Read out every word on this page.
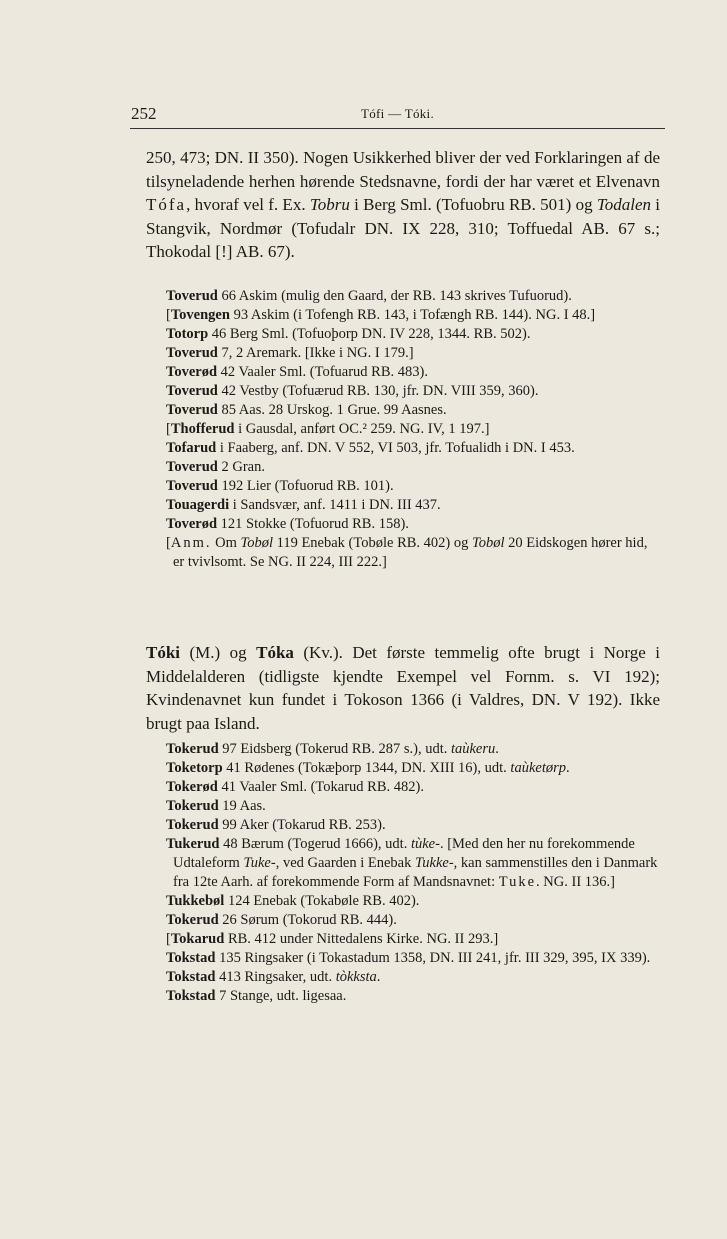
252	Tófi — Tóki.
250, 473; DN. II 350). Nogen Usikkerhed bliver der ved Forklaringen af de tilsyneladende herhen hørende Stedsnavne, fordi der har været et Elvenavn Tófa, hvoraf vel f. Ex. Tobru i Berg Sml. (Tofuobru RB. 501) og Todalen i Stangvik, Nordmør (Tofudalr DN. IX 228, 310; Toffuedal AB. 67 s.; Thokodal [!] AB. 67).
Toverud 66 Askim (mulig den Gaard, der RB. 143 skrives Tufuorud).
[Tovengen 93 Askim (i Tofengh RB. 143, i Tofængh RB. 144). NG. I 48.]
Totorp 46 Berg Sml. (Tofuoþorp DN. IV 228, 1344. RB. 502).
Toverud 7, 2 Aremark. [Ikke i NG. I 179.]
Toverød 42 Vaaler Sml. (Tofuarud RB. 483).
Toverud 42 Vestby (Tofuærud RB. 130, jfr. DN. VIII 359, 360).
Toverud 85 Aas. 28 Urskog. 1 Grue. 99 Aasnes.
[Thofferud i Gausdal, anført OC.² 259. NG. IV, 1 197.]
Tofarud i Faaberg, anf. DN. V 552, VI 503, jfr. Tofualidh i DN. I 453.
Toverud 2 Gran.
Toverud 192 Lier (Tofuorud RB. 101).
Touagerdi i Sandsvær, anf. 1411 i DN. III 437.
Toverød 121 Stokke (Tofuorud RB. 158).
[Anm. Om Tobøl 119 Enebak (Tobøle RB. 402) og Tobøl 20 Eidskogen hører hid, er tvivlsomt. Se NG. II 224, III 222.]
Tóki (M.) og Tóka (Kv.). Det første temmelig ofte brugt i Norge i Middelalderen (tidligste kjendte Exempel vel Fornm. s. VI 192); Kvindenavnet kun fundet i Tokoson 1366 (i Valdres, DN. V 192). Ikke brugt paa Island.
Tokerud 97 Eidsberg (Tokerud RB. 287 s.), udt. taùkeru.
Toketorp 41 Rødenes (Tokæþorp 1344, DN. XIII 16), udt. taùketørp.
Tokerød 41 Vaaler Sml. (Tokarud RB. 482).
Tokerud 19 Aas.
Tokerud 99 Aker (Tokarud RB. 253).
Tukerud 48 Bærum (Togerud 1666), udt. tùke-. [Med den her nu forekommende Udtaleform Tuke-, ved Gaarden i Enebak Tukke-, kan sammenstilles den i Danmark fra 12te Aarh. af forekommende Form af Mandsnavnet: Tuke. NG. II 136.]
Tukkebøl 124 Enebak (Tokabøle RB. 402).
Tokerud 26 Sørum (Tokorud RB. 444).
[Tokarud RB. 412 under Nittedalens Kirke. NG. II 293.]
Tokstad 135 Ringsaker (i Tokastadum 1358, DN. III 241, jfr. III 329, 395, IX 339).
Tokstad 413 Ringsaker, udt. tòkksta.
Tokstad 7 Stange, udt. ligesaa.
